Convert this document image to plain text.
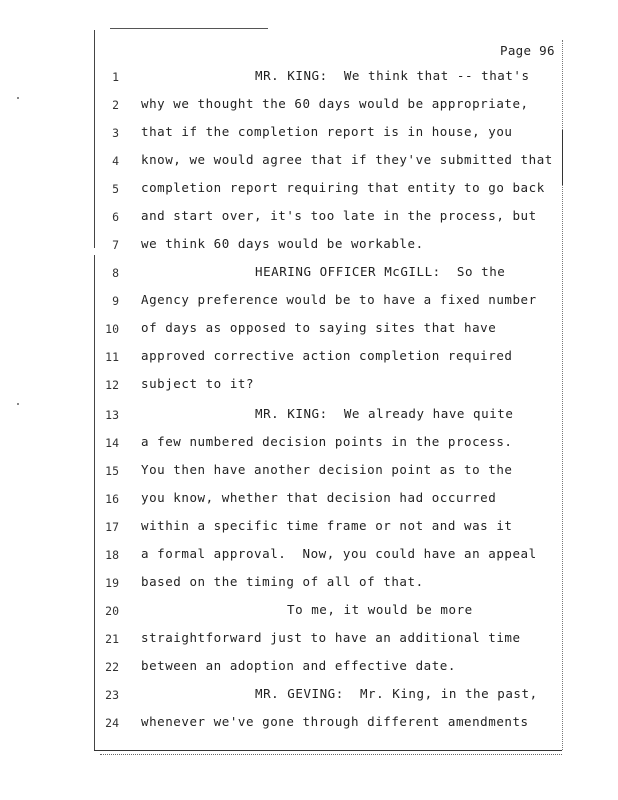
Page 96
1	MR. KING:  We think that -- that's
2 why we thought the 60 days would be appropriate,
3 that if the completion report is in house, you
4 know, we would agree that if they've submitted that
5 completion report requiring that entity to go back
6 and start over, it's too late in the process, but
7 we think 60 days would be workable.
8	HEARING OFFICER McGILL:  So the
9 Agency preference would be to have a fixed number
10 of days as opposed to saying sites that have
11 approved corrective action completion required
12 subject to it?
13	MR. KING:  We already have quite
14 a few numbered decision points in the process.
15 You then have another decision point as to the
16 you know, whether that decision had occurred
17 within a specific time frame or not and was it
18 a formal approval.  Now, you could have an appeal
19 based on the timing of all of that.
20	To me, it would be more
21 straightforward just to have an additional time
22 between an adoption and effective date.
23	MR. GEVING:  Mr. King, in the past,
24 whenever we've gone through different amendments
